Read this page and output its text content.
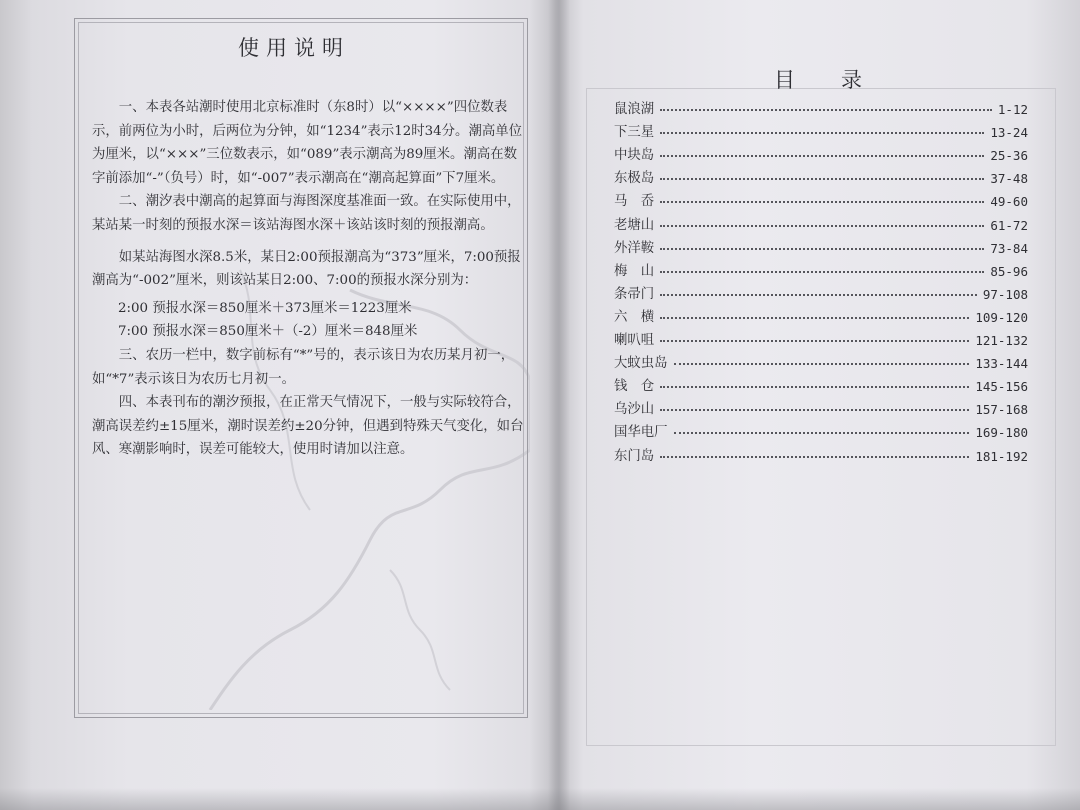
使用说明

一、本表各站潮时使用北京标准时（东8时）以“××××”四位数表示，前两位为小时，后两位为分钟，如“1234”表示12时34分。潮高单位为厘米，以“×××”三位数表示，如“089”表示潮高为89厘米。潮高在数字前添加“-”（负号）时，如“-007”表示潮高在“潮高起算面”下7厘米。

二、潮汐表中潮高的起算面与海图深度基准面一致。在实际使用中，某站某一时刻的预报水深＝该站海图水深＋该站该时刻的预报潮高。

如某站海图水深8.5米，某日2:00预报潮高为“373”厘米，7:00预报潮高为“-002”厘米，则该站某日2:00、7:00的预报水深分别为：

2:00 预报水深＝850厘米＋373厘米＝1223厘米

7:00 预报水深＝850厘米＋（-2）厘米＝848厘米

三、农历一栏中，数字前标有“*”号的，表示该日为农历某月初一，如“*7”表示该日为农历七月初一。

四、本表刊布的潮汐预报，在正常天气情况下，一般与实际较符合，潮高误差约±15厘米，潮时误差约±20分钟，但遇到特殊天气变化，如台风、寒潮影响时，误差可能较大，使用时请加以注意。

目录
鼠浪湖	1-12
下三星	13-24
中块岛	25-36
东极岛	37-48
马　岙	49-60
老塘山	61-72
外洋鞍	73-84
梅　山	85-96
条帚门	97-108
六　横	109-120
喇叭咀	121-132
大蚊虫岛	133-144
钱　仓	145-156
乌沙山	157-168
国华电厂	169-180
东门岛	181-192
